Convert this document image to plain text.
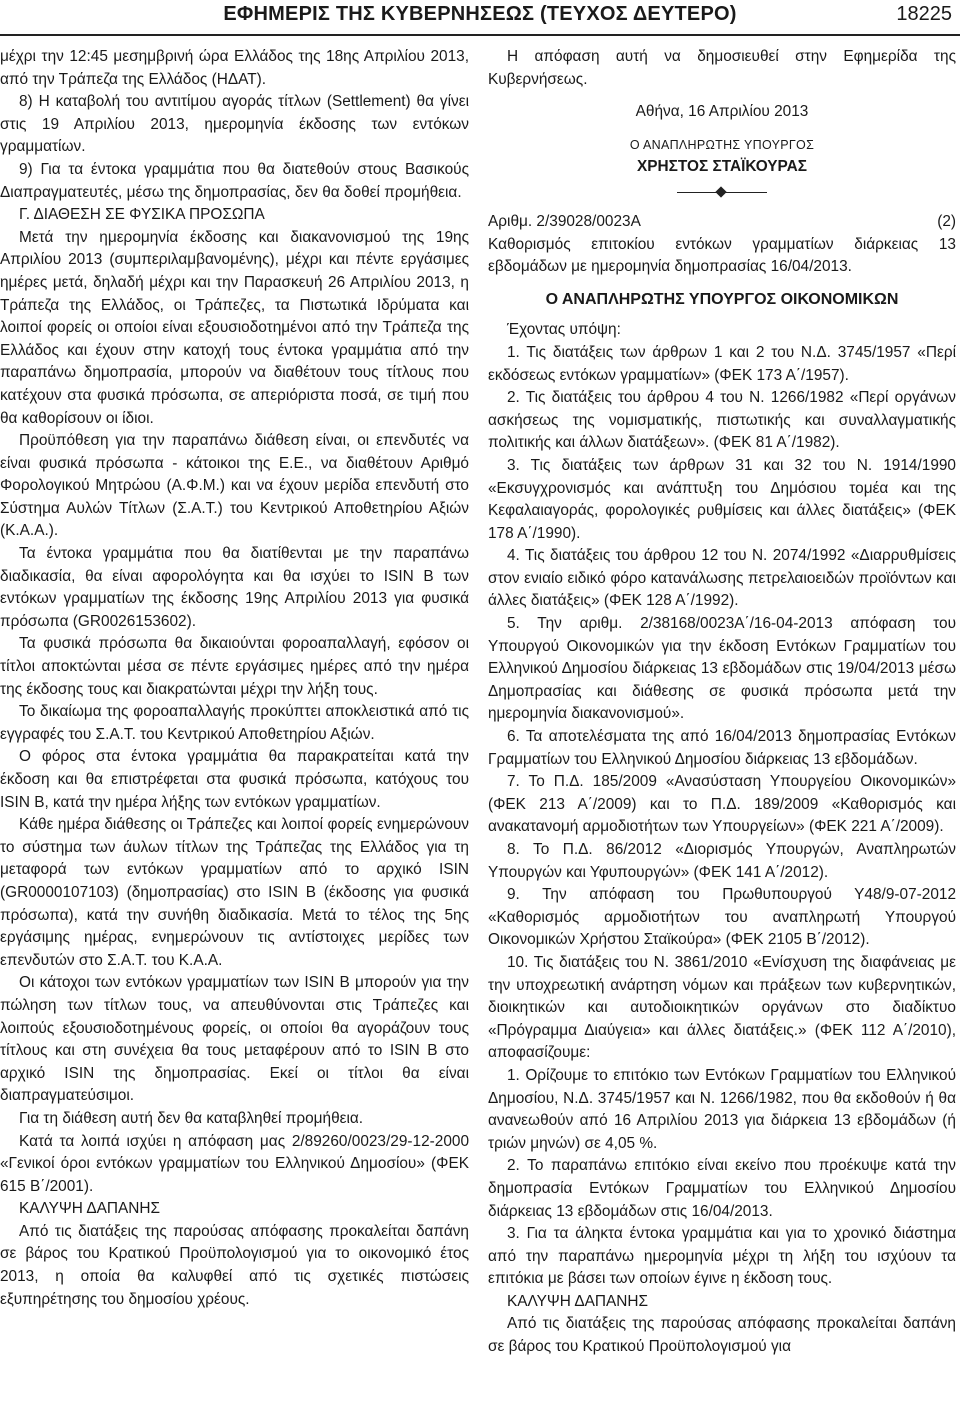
ΕΦΗΜΕΡΙΣ ΤΗΣ ΚΥΒΕΡΝΗΣΕΩΣ (ΤΕΥΧΟΣ ΔΕΥΤΕΡΟ)	18225

μέχρι την 12:45 μεσημβρινή ώρα Ελλάδος της 18ης Απριλίου 2013, από την Τράπεζα της Ελλάδος (ΗΔΑΤ).

8) Η καταβολή του αντιτίμου αγοράς τίτλων (Settlement) θα γίνει στις 19 Απριλίου 2013, ημερομηνία έκδοσης των εντόκων γραμματίων.

9) Για τα έντοκα γραμμάτια που θα διατεθούν στους Βασικούς Διαπραγματευτές, μέσω της δημοπρασίας, δεν θα δοθεί προμήθεια.

Γ. ΔΙΑΘΕΣΗ ΣΕ ΦΥΣΙΚΑ ΠΡΟΣΩΠΑ

Μετά την ημερομηνία έκδοσης και διακανονισμού της 19ης Απριλίου 2013 (συμπεριλαμβανομένης), μέχρι και πέντε εργάσιμες ημέρες μετά, δηλαδή μέχρι και την Παρασκευή 26 Απριλίου 2013, η Τράπεζα της Ελλάδος, οι Τράπεζες, τα Πιστωτικά Ιδρύματα και λοιποί φορείς οι οποίοι είναι εξουσιοδοτημένοι από την Τράπεζα της Ελλάδος και έχουν στην κατοχή τους έντοκα γραμμάτια από την παραπάνω δημοπρασία, μπορούν να διαθέτουν τους τίτλους που κατέχουν στα φυσικά πρόσωπα, σε απεριόριστα ποσά, σε τιμή που θα καθορίσουν οι ίδιοι.

Προϋπόθεση για την παραπάνω διάθεση είναι, οι επενδυτές να είναι φυσικά πρόσωπα - κάτοικοι της Ε.Ε., να διαθέτουν Αριθμό Φορολογικού Μητρώου (Α.Φ.Μ.) και να έχουν μερίδα επενδυτή στο Σύστημα Αυλών Τίτλων (Σ.Α.Τ.) του Κεντρικού Αποθετηρίου Αξιών (Κ.Α.Α.).

Τα έντοκα γραμμάτια που θα διατίθενται με την παραπάνω διαδικασία, θα είναι αφορολόγητα και θα ισχύει το ISIN B των εντόκων γραμματίων της έκδοσης 19ης Απριλίου 2013 για φυσικά πρόσωπα (GR0026153602).

Τα φυσικά πρόσωπα θα δικαιούνται φοροαπαλλαγή, εφόσον οι τίτλοι αποκτώνται μέσα σε πέντε εργάσιμες ημέρες από την ημέρα της έκδοσης τους και διακρατώνται μέχρι την λήξη τους.

Το δικαίωμα της φοροαπαλλαγής προκύπτει αποκλειστικά από τις εγγραφές του Σ.Α.Τ. του Κεντρικού Αποθετηρίου Αξιών.

Ο φόρος στα έντοκα γραμμάτια θα παρακρατείται κατά την έκδοση και θα επιστρέφεται στα φυσικά πρόσωπα, κατόχους του ISIN B, κατά την ημέρα λήξης των εντόκων γραμματίων.

Κάθε ημέρα διάθεσης οι Τράπεζες και λοιποί φορείς ενημερώνουν το σύστημα των άυλων τίτλων της Τράπεζας της Ελλάδος για τη μεταφορά των εντόκων γραμματίων από το αρχικό ISIN (GR0000107103) (δημοπρασίας) στο ISIN B (έκδοσης για φυσικά πρόσωπα), κατά την συνήθη διαδικασία. Μετά το τέλος της 5ης εργάσιμης ημέρας, ενημερώνουν τις αντίστοιχες μερίδες των επενδυτών στο Σ.Α.Τ. του Κ.Α.Α.

Οι κάτοχοι των εντόκων γραμματίων των ISIN B μπορούν για την πώληση των τίτλων τους, να απευθύνονται στις Τράπεζες και λοιπούς εξουσιοδοτημένους φορείς, οι οποίοι θα αγοράζουν τους τίτλους και στη συνέχεια θα τους μεταφέρουν από το ISIN B στο αρχικό ISIN της δημοπρασίας. Εκεί οι τίτλοι θα είναι διαπραγματεύσιμοι.

Για τη διάθεση αυτή δεν θα καταβληθεί προμήθεια.

Κατά τα λοιπά ισχύει η απόφαση μας 2/89260/0023/29-12-2000 «Γενικοί όροι εντόκων γραμματίων του Ελληνικού Δημοσίου» (ΦΕΚ 615 Β΄/2001).

ΚΑΛΥΨΗ ΔΑΠΑΝΗΣ

Από τις διατάξεις της παρούσας απόφασης προκαλείται δαπάνη σε βάρος του Κρατικού Προϋπολογισμού για το οικονομικό έτος 2013, η οποία θα καλυφθεί από τις σχετικές πιστώσεις εξυπηρέτησης του δημοσίου χρέους.

Η απόφαση αυτή να δημοσιευθεί στην Εφημερίδα της Κυβερνήσεως.

Αθήνα, 16 Απριλίου 2013

Ο ΑΝΑΠΛΗΡΩΤΗΣ ΥΠΟΥΡΓΟΣ

ΧΡΗΣΤΟΣ ΣΤΑΪΚΟΥΡΑΣ

Αριθμ. 2/39028/0023Α	(2)

Καθορισμός επιτοκίου εντόκων γραμματίων διάρκειας 13 εβδομάδων με ημερομηνία δημοπρασίας 16/04/2013.

Ο ΑΝΑΠΛΗΡΩΤΗΣ ΥΠΟΥΡΓΟΣ ΟΙΚΟΝΟΜΙΚΩΝ

Έχοντας υπόψη:

1. Τις διατάξεις των άρθρων 1 και 2 του Ν.Δ. 3745/1957 «Περί εκδόσεως εντόκων γραμματίων» (ΦΕΚ 173 Α΄/1957).

2. Τις διατάξεις του άρθρου 4 του Ν. 1266/1982 «Περί οργάνων ασκήσεως της νομισματικής, πιστωτικής και συναλλαγματικής πολιτικής και άλλων διατάξεων». (ΦΕΚ 81 Α΄/1982).

3. Τις διατάξεις των άρθρων 31 και 32 του Ν. 1914/1990 «Εκσυγχρονισμός και ανάπτυξη του Δημόσιου τομέα και της Κεφαλαιαγοράς, φορολογικές ρυθμίσεις και άλλες διατάξεις» (ΦΕΚ 178 Α΄/1990).

4. Τις διατάξεις του άρθρου 12 του Ν. 2074/1992 «Διαρρυθμίσεις στον ενιαίο ειδικό φόρο κατανάλωσης πετρελαιοειδών προϊόντων και άλλες διατάξεις» (ΦΕΚ 128 Α΄/1992).

5. Την αριθμ. 2/38168/0023Α΄/16-04-2013 απόφαση του Υπουργού Οικονομικών για την έκδοση Εντόκων Γραμματίων του Ελληνικού Δημοσίου διάρκειας 13 εβδομάδων στις 19/04/2013 μέσω Δημοπρασίας και διάθεσης σε φυσικά πρόσωπα μετά την ημερομηνία διακανονισμού».

6. Τα αποτελέσματα της από 16/04/2013 δημοπρασίας Εντόκων Γραμματίων του Ελληνικού Δημοσίου διάρκειας 13 εβδομάδων.

7. Το Π.Δ. 185/2009 «Ανασύσταση Υπουργείου Οικονομικών» (ΦΕΚ 213 Α΄/2009) και το Π.Δ. 189/2009 «Καθορισμός και ανακατανομή αρμοδιοτήτων των Υπουργείων» (ΦΕΚ 221 Α΄/2009).

8. Το Π.Δ. 86/2012 «Διορισμός Υπουργών, Αναπληρωτών Υπουργών και Υφυπουργών» (ΦΕΚ 141 Α΄/2012).

9. Την απόφαση του Πρωθυπουργού Υ48/9-07-2012 «Καθορισμός αρμοδιοτήτων του αναπληρωτή Υπουργού Οικονομικών Χρήστου Σταϊκούρα» (ΦΕΚ 2105 Β΄/2012).

10. Τις διατάξεις του Ν. 3861/2010 «Ενίσχυση της διαφάνειας με την υποχρεωτική ανάρτηση νόμων και πράξεων των κυβερνητικών, διοικητικών και αυτοδιοικητικών οργάνων στο διαδίκτυο «Πρόγραμμα Διαύγεια» και άλλες διατάξεις.» (ΦΕΚ 112 Α΄/2010), αποφασίζουμε:

1. Ορίζουμε το επιτόκιο των Εντόκων Γραμματίων του Ελληνικού Δημοσίου, Ν.Δ. 3745/1957 και Ν. 1266/1982, που θα εκδοθούν ή θα ανανεωθούν από 16 Απριλίου 2013 για διάρκεια 13 εβδομάδων (ή τριών μηνών) σε 4,05 %.

2. Το παραπάνω επιτόκιο είναι εκείνο που προέκυψε κατά την δημοπρασία Εντόκων Γραμματίων του Ελληνικού Δημοσίου διάρκειας 13 εβδομάδων στις 16/04/2013.

3. Για τα άληκτα έντοκα γραμμάτια και για το χρονικό διάστημα από την παραπάνω ημερομηνία μέχρι τη λήξη του ισχύουν τα επιτόκια με βάσει των οποίων έγινε η έκδοση τους.

ΚΑΛΥΨΗ ΔΑΠΑΝΗΣ

Από τις διατάξεις της παρούσας απόφασης προκαλείται δαπάνη σε βάρος του Κρατικού Προϋπολογισμού για
